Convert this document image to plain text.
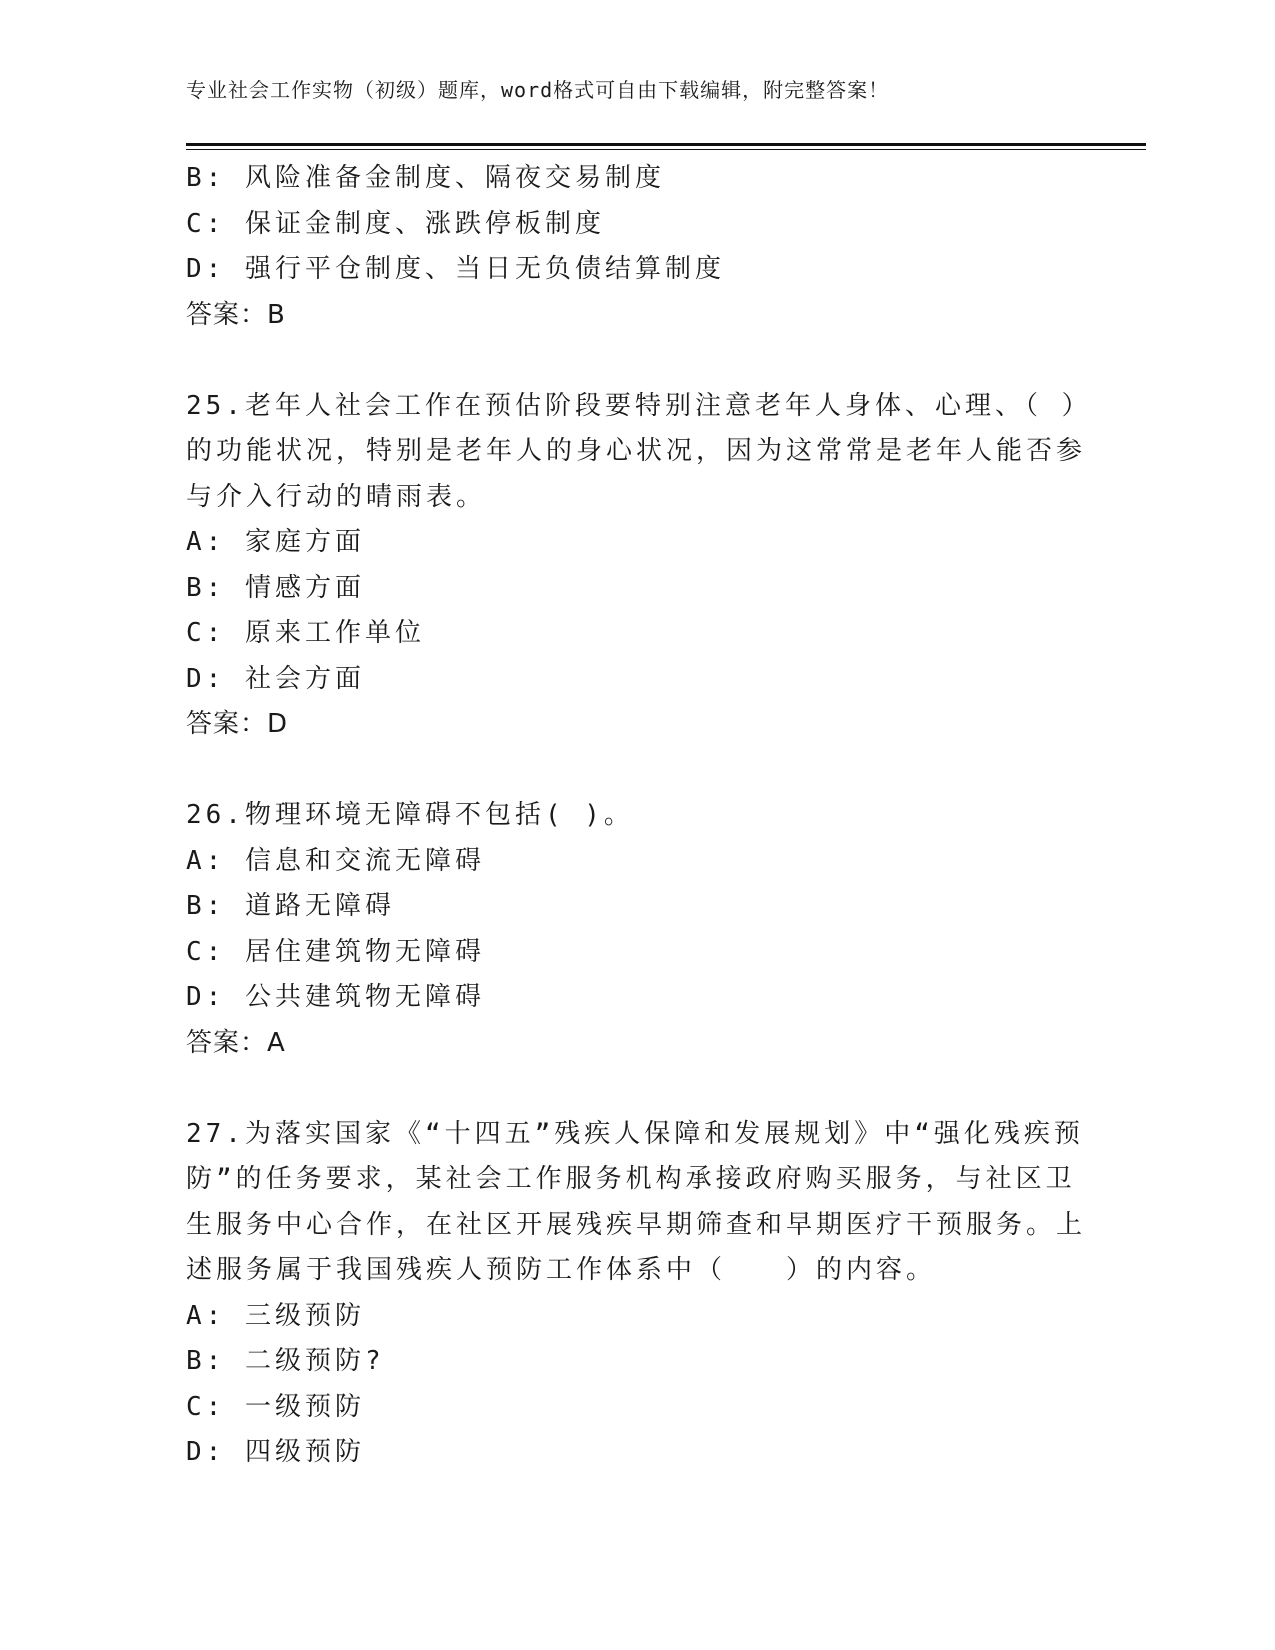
专业社会工作实物（初级）题库，word格式可自由下载编辑，附完整答案！
B: 风险准备金制度、隔夜交易制度
C: 保证金制度、涨跌停板制度
D: 强行平仓制度、当日无负债结算制度
答案：B
25.老年人社会工作在预估阶段要特别注意老年人身体、心理、（ ）
的功能状况，特别是老年人的身心状况，因为这常常是老年人能否参
与介入行动的晴雨表。
A: 家庭方面
B: 情感方面
C: 原来工作单位
D: 社会方面
答案：D
26.物理环境无障碍不包括( )。
A: 信息和交流无障碍
B: 道路无障碍
C: 居住建筑物无障碍
D: 公共建筑物无障碍
答案：A
27.为落实国家《“十四五”残疾人保障和发展规划》中“强化残疾预
防”的任务要求，某社会工作服务机构承接政府购买服务，与社区卫
生服务中心合作，在社区开展残疾早期筛查和早期医疗干预服务。上
述服务属于我国残疾人预防工作体系中（　　）的内容。
A: 三级预防
B: 二级预防?
C: 一级预防
D: 四级预防
